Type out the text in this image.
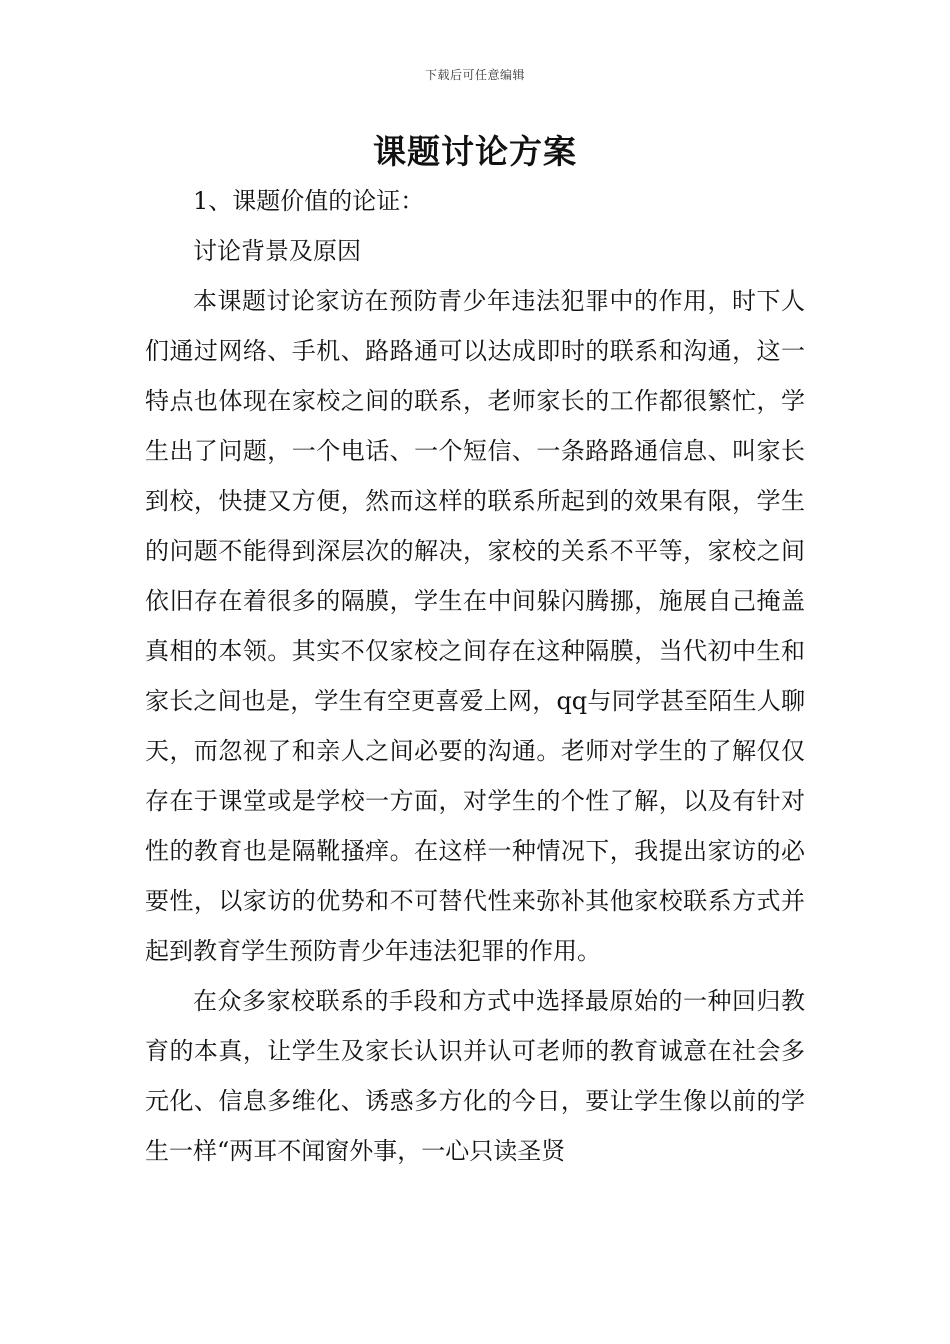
下载后可任意编辑
课题讨论方案

1、课题价值的论证：

讨论背景及原因

本课题讨论家访在预防青少年违法犯罪中的作用，时下人们通过网络、手机、路路通可以达成即时的联系和沟通，这一特点也体现在家校之间的联系，老师家长的工作都很繁忙，学生出了问题，一个电话、一个短信、一条路路通信息、叫家长到校，快捷又方便，然而这样的联系所起到的效果有限，学生的问题不能得到深层次的解决，家校的关系不平等，家校之间依旧存在着很多的隔膜，学生在中间躲闪腾挪，施展自己掩盖真相的本领。其实不仅家校之间存在这种隔膜，当代初中生和家长之间也是，学生有空更喜爱上网，qq与同学甚至陌生人聊天，而忽视了和亲人之间必要的沟通。老师对学生的了解仅仅存在于课堂或是学校一方面，对学生的个性了解，以及有针对性的教育也是隔靴搔痒。在这样一种情况下，我提出家访的必要性，以家访的优势和不可替代性来弥补其他家校联系方式并起到教育学生预防青少年违法犯罪的作用。

在众多家校联系的手段和方式中选择最原始的一种回归教育的本真，让学生及家长认识并认可老师的教育诚意在社会多元化、信息多维化、诱惑多方化的今日，要让学生像以前的学生一样“两耳不闻窗外事，一心只读圣贤
